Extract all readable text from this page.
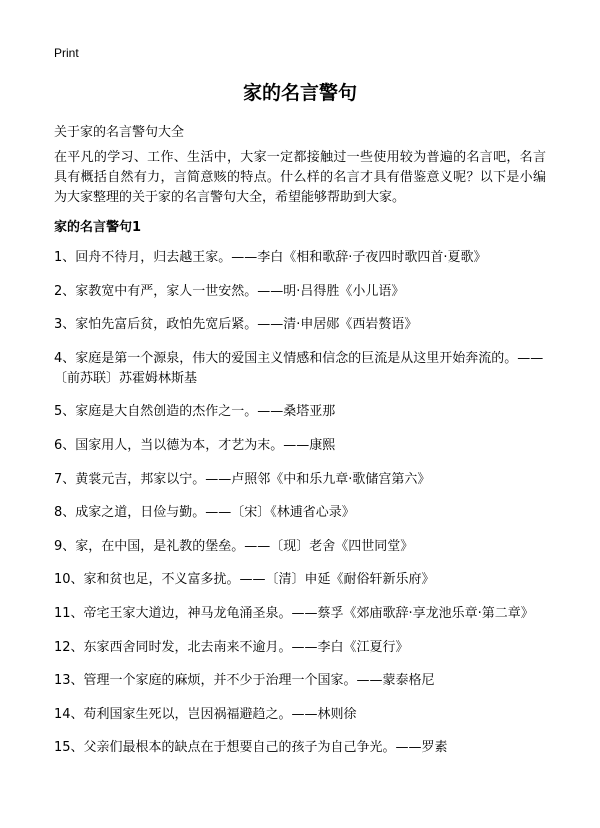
Print
家的名言警句
关于家的名言警句大全

在平凡的学习、工作、生活中，大家一定都接触过一些使用较为普遍的名言吧，名言具有概括自然有力，言简意赅的特点。什么样的名言才具有借鉴意义呢？以下是小编为大家整理的关于家的名言警句大全，希望能够帮助到大家。

家的名言警句1
1、回舟不待月，归去越王家。——李白《相和歌辞·子夜四时歌四首·夏歌》
2、家教宽中有严，家人一世安然。——明·吕得胜《小儿语》
3、家怕先富后贫，政怕先宽后紧。——清·申居郧《西岩赘语》
4、家庭是第一个源泉，伟大的爱国主义情感和信念的巨流是从这里开始奔流的。——〔前苏联〕苏霍姆林斯基
5、家庭是大自然创造的杰作之一。——桑塔亚那
6、国家用人，当以德为本，才艺为末。——康熙
7、黄裳元吉，邦家以宁。——卢照邻《中和乐九章·歌储宫第六》
8、成家之道，日俭与勤。——〔宋〕《林逋省心录》
9、家，在中国，是礼教的堡垒。——〔现〕老舍《四世同堂》
10、家和贫也足，不义富多扰。——〔清〕申延《耐俗轩新乐府》
11、帝宅王家大道边，神马龙龟涌圣泉。——蔡孚《郊庙歌辞·享龙池乐章·第二章》
12、东家西舍同时发，北去南来不逾月。——李白《江夏行》
13、管理一个家庭的麻烦，并不少于治理一个国家。——蒙泰格尼
14、苟利国家生死以，岂因祸福避趋之。——林则徐
15、父亲们最根本的缺点在于想要自己的孩子为自己争光。——罗素
